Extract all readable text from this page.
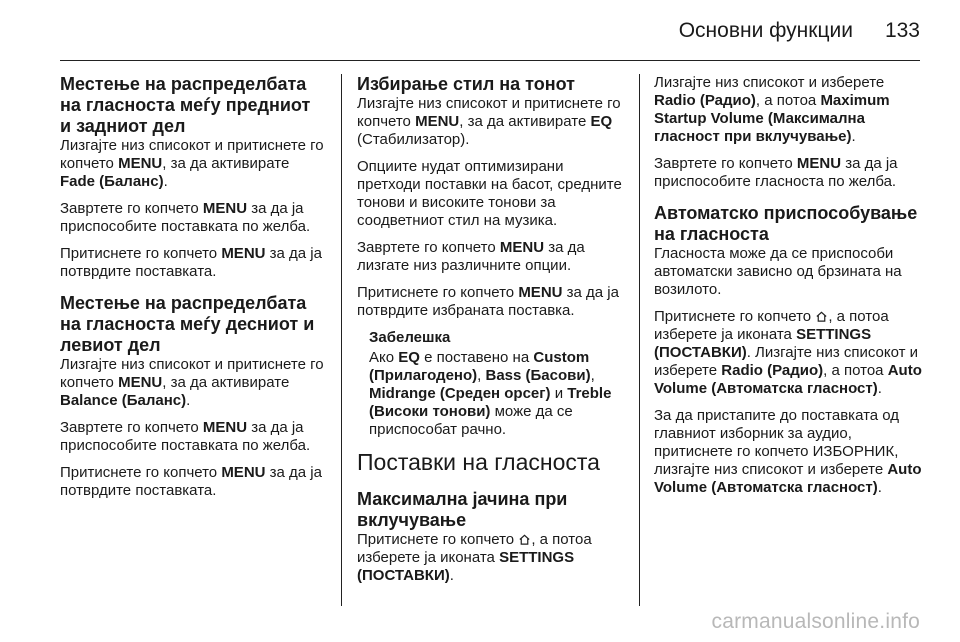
Основни функции 133
Местење на распределбата на гласноста меѓу предниот и задниот дел

Лизгајте низ списокот и притиснете го копчето MENU, за да активирате Fade (Баланс).

Завртете го копчето MENU за да ја приспособите поставката по желба.

Притиснете го копчето MENU за да ја потврдите поставката.

Местење на распределбата на гласноста меѓу десниот и левиот дел

Лизгајте низ списокот и притиснете го копчето MENU, за да активирате Balance (Баланс).

Завртете го копчето MENU за да ја приспособите поставката по желба.

Притиснете го копчето MENU за да ја потврдите поставката.

Избирање стил на тонот

Лизгајте низ списокот и притиснете го копчето MENU, за да активирате EQ (Стабилизатор).

Опциите нудат оптимизирани претходи поставки на басот, средните тонови и високите тонови за соодветниот стил на музика.

Завртете го копчето MENU за да лизгате низ различните опции.

Притиснете го копчето MENU за да ја потврдите избраната поставка.

Забелешка

Ако EQ е поставено на Custom (Прилагодено), Bass (Басови), Midrange (Среден орсег) и Treble (Високи тонови) може да се приспособат рачно.

Поставки на гласноста
Максимална јачина при вклучување

Притиснете го копчето , а потоа изберете ја иконата SETTINGS (ПОСТАВКИ).

Лизгајте низ списокот и изберете Radio (Радио), а потоа Maximum Startup Volume (Максимална гласност при вклучување).

Завртете го копчето MENU за да ја приспособите гласноста по желба.

Автоматско приспособување на гласноста

Гласноста може да се приспособи автоматски зависно од брзината на возилото.

Притиснете го копчето , а потоа изберете ја иконата SETTINGS (ПОСТАВКИ). Лизгајте низ списокот и изберете Radio (Радио), а потоа Auto Volume (Автоматска гласност).

За да пристапите до поставката од главниот изборник за аудио, притиснете го копчето ИЗБОРНИК, лизгајте низ списокот и изберете Auto Volume (Автоматска гласност).

carmanualsonline.info
